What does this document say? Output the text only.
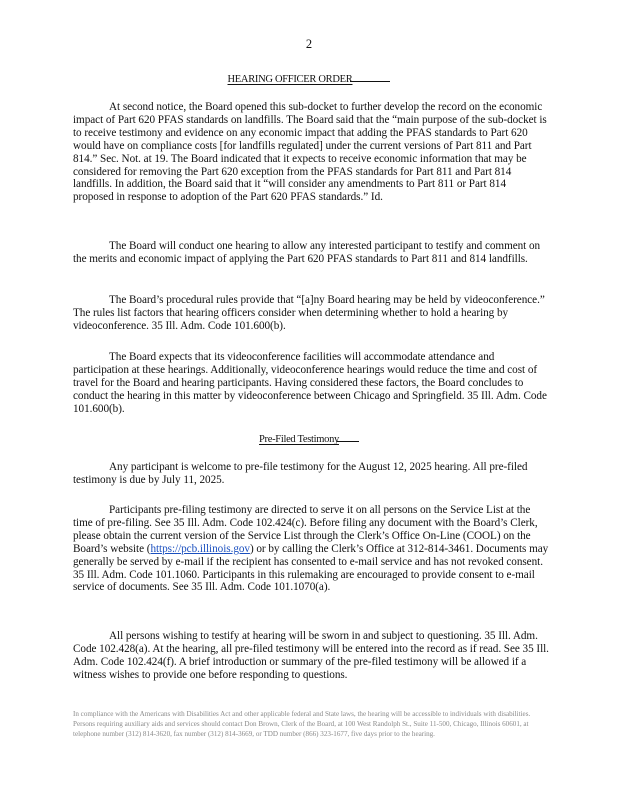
2
HEARING OFFICER ORDER

At second notice, the Board opened this sub-docket to further develop the record on the economic impact of Part 620 PFAS standards on landfills. The Board said that the “main purpose of the sub-docket is to receive testimony and evidence on any economic impact that adding the PFAS standards to Part 620 would have on compliance costs [for landfills regulated] under the current versions of Part 811 and Part 814.” Sec. Not. at 19. The Board indicated that it expects to receive economic information that may be considered for removing the Part 620 exception from the PFAS standards for Part 811 and Part 814 landfills. In addition, the Board said that it “will consider any amendments to Part 811 or Part 814 proposed in response to adoption of the Part 620 PFAS standards.” Id.

The Board will conduct one hearing to allow any interested participant to testify and comment on the merits and economic impact of applying the Part 620 PFAS standards to Part 811 and 814 landfills.

The Board’s procedural rules provide that “[a]ny Board hearing may be held by videoconference.” The rules list factors that hearing officers consider when determining whether to hold a hearing by videoconference. 35 Ill. Adm. Code 101.600(b).

The Board expects that its videoconference facilities will accommodate attendance and participation at these hearings. Additionally, videoconference hearings would reduce the time and cost of travel for the Board and hearing participants. Having considered these factors, the Board concludes to conduct the hearing in this matter by videoconference between Chicago and Springfield. 35 Ill. Adm. Code 101.600(b).

Pre-Filed Testimony

Any participant is welcome to pre-file testimony for the August 12, 2025 hearing. All pre-filed testimony is due by July 11, 2025.

Participants pre-filing testimony are directed to serve it on all persons on the Service List at the time of pre-filing. See 35 Ill. Adm. Code 102.424(c). Before filing any document with the Board’s Clerk, please obtain the current version of the Service List through the Clerk’s Office On-Line (COOL) on the Board’s website (https://pcb.illinois.gov) or by calling the Clerk’s Office at 312-814-3461. Documents may generally be served by e-mail if the recipient has consented to e-mail service and has not revoked consent. 35 Ill. Adm. Code 101.1060. Participants in this rulemaking are encouraged to provide consent to e-mail service of documents. See 35 Ill. Adm. Code 101.1070(a).

All persons wishing to testify at hearing will be sworn in and subject to questioning. 35 Ill. Adm. Code 102.428(a). At the hearing, all pre-filed testimony will be entered into the record as if read. See 35 Ill. Adm. Code 102.424(f). A brief introduction or summary of the pre-filed testimony will be allowed if a witness wishes to provide one before responding to questions.

In compliance with the Americans with Disabilities Act and other applicable federal and State laws, the hearing will be accessible to individuals with disabilities. Persons requiring auxiliary aids and services should contact Don Brown, Clerk of the Board, at 100 West Randolph St., Suite 11-500, Chicago, Illinois 60601, at telephone number (312) 814-3620, fax number (312) 814-3669, or TDD number (866) 323-1677, five days prior to the hearing.
